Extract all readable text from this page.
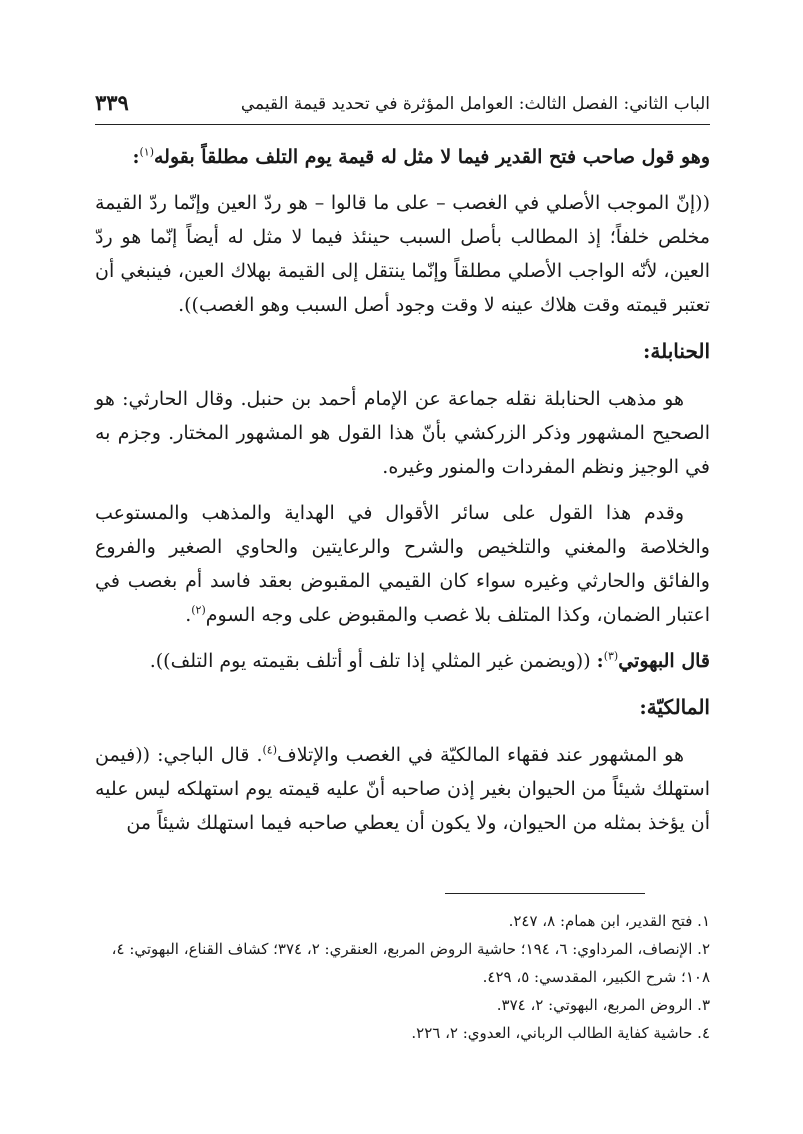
الباب الثاني: الفصل الثالث: العوامل المؤثرة في تحديد قيمة القيمي
٣٣٩

وهو قول صاحب فتح القدير فيما لا مثل له قيمة يوم التلف مطلقاً بقوله$^{(١)}$:

((إنّ الموجب الأصلي في الغصب – على ما قالوا – هو ردّ العين وإنّما ردّ القيمة مخلص خلفاً؛ إذ المطالب بأصل السبب حينئذ فيما لا مثل له أيضاً إنّما هو ردّ العين، لأنّه الواجب الأصلي مطلقاً وإنّما ينتقل إلى القيمة بهلاك العين، فينبغي أن تعتبر قيمته وقت هلاك عينه لا وقت وجود أصل السبب وهو الغصب)).

الحنابلة:

هو مذهب الحنابلة نقله جماعة عن الإمام أحمد بن حنبل. وقال الحارثي: هو الصحيح المشهور وذكر الزركشي بأنّ هذا القول هو المشهور المختار. وجزم به في الوجيز ونظم المفردات والمنور وغيره.

وقدم هذا القول على سائر الأقوال في الهداية والمذهب والمستوعب والخلاصة والمغني والتلخيص والشرح والرعايتين والحاوي الصغير والفروع والفائق والحارثي وغيره سواء كان القيمي المقبوض بعقد فاسد أم بغصب في اعتبار الضمان، وكذا المتلف بلا غصب والمقبوض على وجه السوم$^{(٢)}$.

قال البهوتي$^{(٣)}$: ((ويضمن غير المثلي إذا تلف أو أتلف بقيمته يوم التلف)).

المالكيّة:

هو المشهور عند فقهاء المالكيّة في الغصب والإتلاف$^{(٤)}$. قال الباجي: ((فيمن استهلك شيئاً من الحيوان بغير إذن صاحبه أنّ عليه قيمته يوم استهلكه ليس عليه أن يؤخذ بمثله من الحيوان، ولا يكون أن يعطي صاحبه فيما استهلك شيئاً من

١. فتح القدير، ابن همام: ٨، ٢٤٧.
٢. الإنصاف، المرداوي: ٦، ١٩٤؛ حاشية الروض المربع، العنقري: ٢، ٣٧٤؛ كشاف القناع، البهوتي: ٤، ١٠٨؛ شرح الكبير، المقدسي: ٥، ٤٢٩.
٣. الروض المربع، البهوتي: ٢، ٣٧٤.
٤. حاشية كفاية الطالب الرباني، العدوي: ٢، ٢٢٦.
